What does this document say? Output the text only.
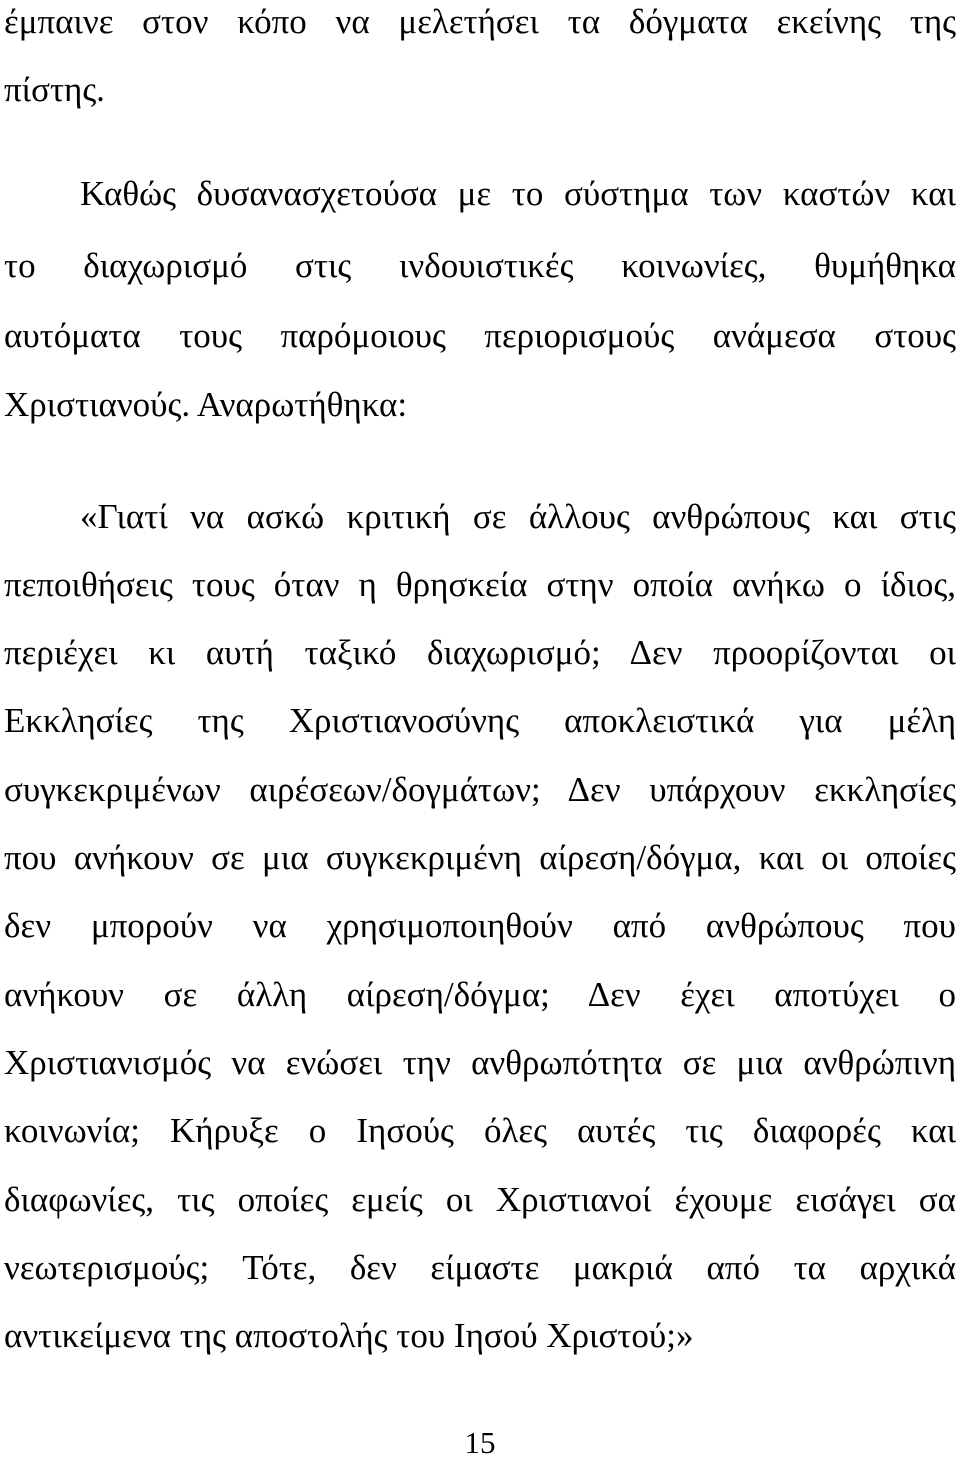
έμπαινε στον κόπο να μελετήσει τα δόγματα εκείνης της
πίστης.
Καθώς δυσανασχετούσα με το σύστημα των καστών και
το διαχωρισμό στις ινδουιστικές κοινωνίες, θυμήθηκα
αυτόματα τους παρόμοιους περιορισμούς ανάμεσα στους
Χριστιανούς. Αναρωτήθηκα:
«Γιατί να ασκώ κριτική σε άλλους ανθρώπους και στις
πεποιθήσεις τους όταν η θρησκεία στην οποία ανήκω ο ίδιος,
περιέχει κι αυτή ταξικό διαχωρισμό; Δεν προορίζονται οι
Εκκλησίες της Χριστιανοσύνης αποκλειστικά για μέλη
συγκεκριμένων αιρέσεων/δογμάτων; Δεν υπάρχουν εκκλησίες
που ανήκουν σε μια συγκεκριμένη αίρεση/δόγμα, και οι οποίες
δεν μπορούν να χρησιμοποιηθούν από ανθρώπους που
ανήκουν σε άλλη αίρεση/δόγμα; Δεν έχει αποτύχει ο
Χριστιανισμός να ενώσει την ανθρωπότητα σε μια ανθρώπινη
κοινωνία; Κήρυξε ο Ιησούς όλες αυτές τις διαφορές και
διαφωνίες, τις οποίες εμείς οι Χριστιανοί έχουμε εισάγει σα
νεωτερισμούς; Τότε, δεν είμαστε μακριά από τα αρχικά
αντικείμενα της αποστολής του Ιησού Χριστού;»
15
